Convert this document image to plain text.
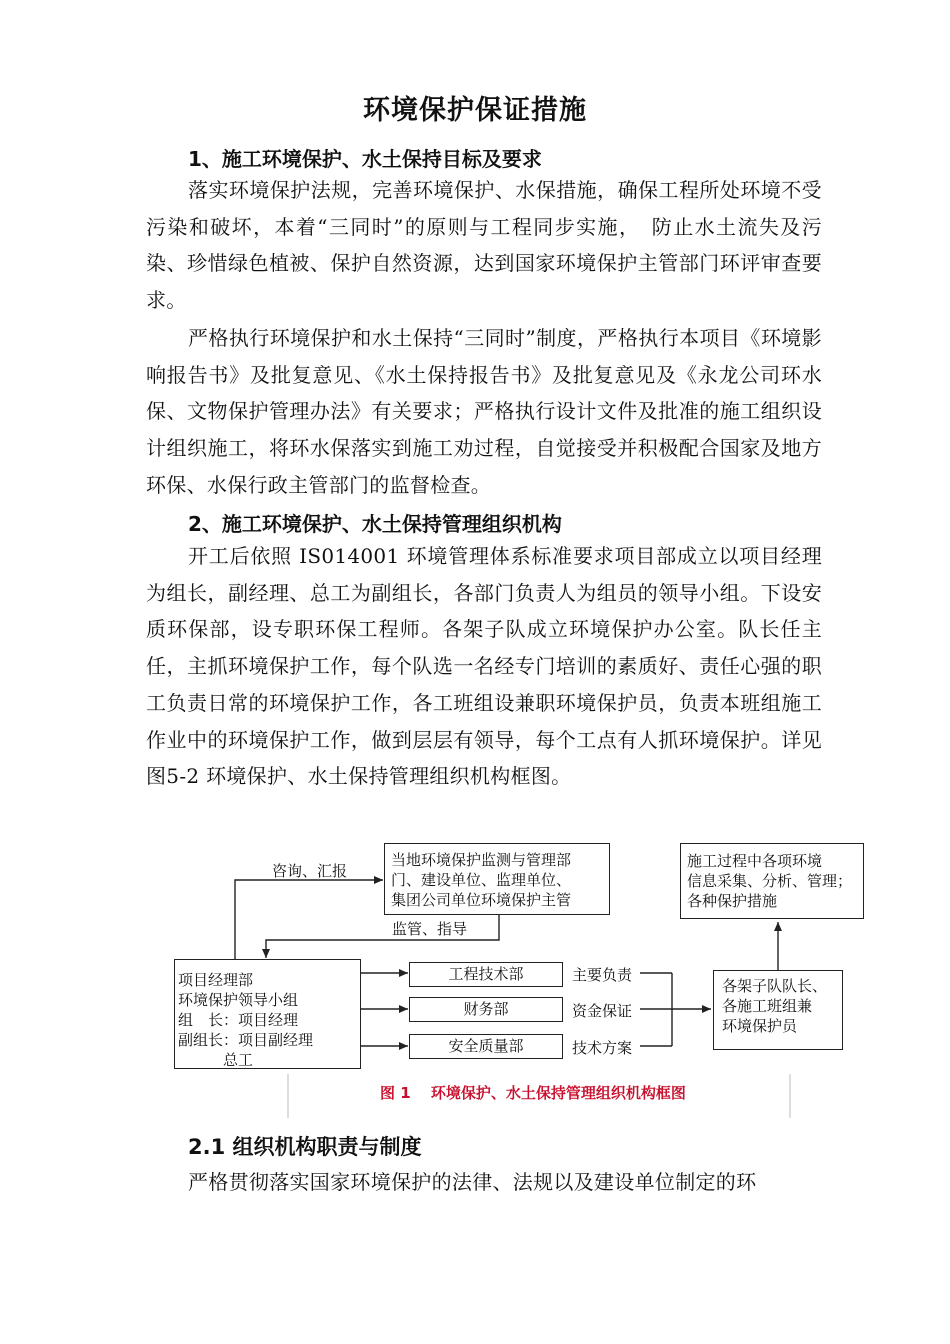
环境保护保证措施
1、施工环境保护、水土保持目标及要求
落实环境保护法规，完善环境保护、水保措施，确保工程所处环境不受污染和破坏，本着“三同时”的原则与工程同步实施，　防止水土流失及污染、珍惜绿色植被、保护自然资源，达到国家环境保护主管部门环评审查要求。
严格执行环境保护和水土保持“三同时”制度，严格执行本项目《环境影响报告书》及批复意见、《水土保持报告书》及批复意见及《永龙公司环水保、文物保护管理办法》有关要求；严格执行设计文件及批准的施工组织设计组织施工，将环水保落实到施工劝过程，自觉接受并积极配合国家及地方环保、水保行政主管部门的监督检查。
2、施工环境保护、水土保持管理组织机构
开工后依照 IS014001 环境管理体系标准要求项目部成立以项目经理为组长，副经理、总工为副组长，各部门负责人为组员的领导小组。下设安质环保部，设专职环保工程师。各架子队成立环境保护办公室。队长任主任，主抓环境保护工作，每个队选一名经专门培训的素质好、责任心强的职工负责日常的环境保护工作，各工班组设兼职环境保护员，负责本班组施工作业中的环境保护工作，做到层层有领导，每个工点有人抓环境保护。详见图5-2 环境保护、水土保持管理组织机构框图。
咨询、汇报
当地环境保护监测与管理部
门、建设单位、监理单位、
集团公司单位环境保护主管
监管、指导
施工过程中各项环境
信息采集、分析、管理；
各种保护措施
项目经理部
环境保护领导小组
组　长：项目经理
副组长：项目副经理
　　　总工
工程技术部
财务部
安全质量部
主要负责
资金保证
技术方案
各架子队队长、
各施工班组兼
环境保护员
图 1　 环境保护、水土保持管理组织机构框图
2.1 组织机构职责与制度
严格贯彻落实国家环境保护的法律、法规以及建设单位制定的环
